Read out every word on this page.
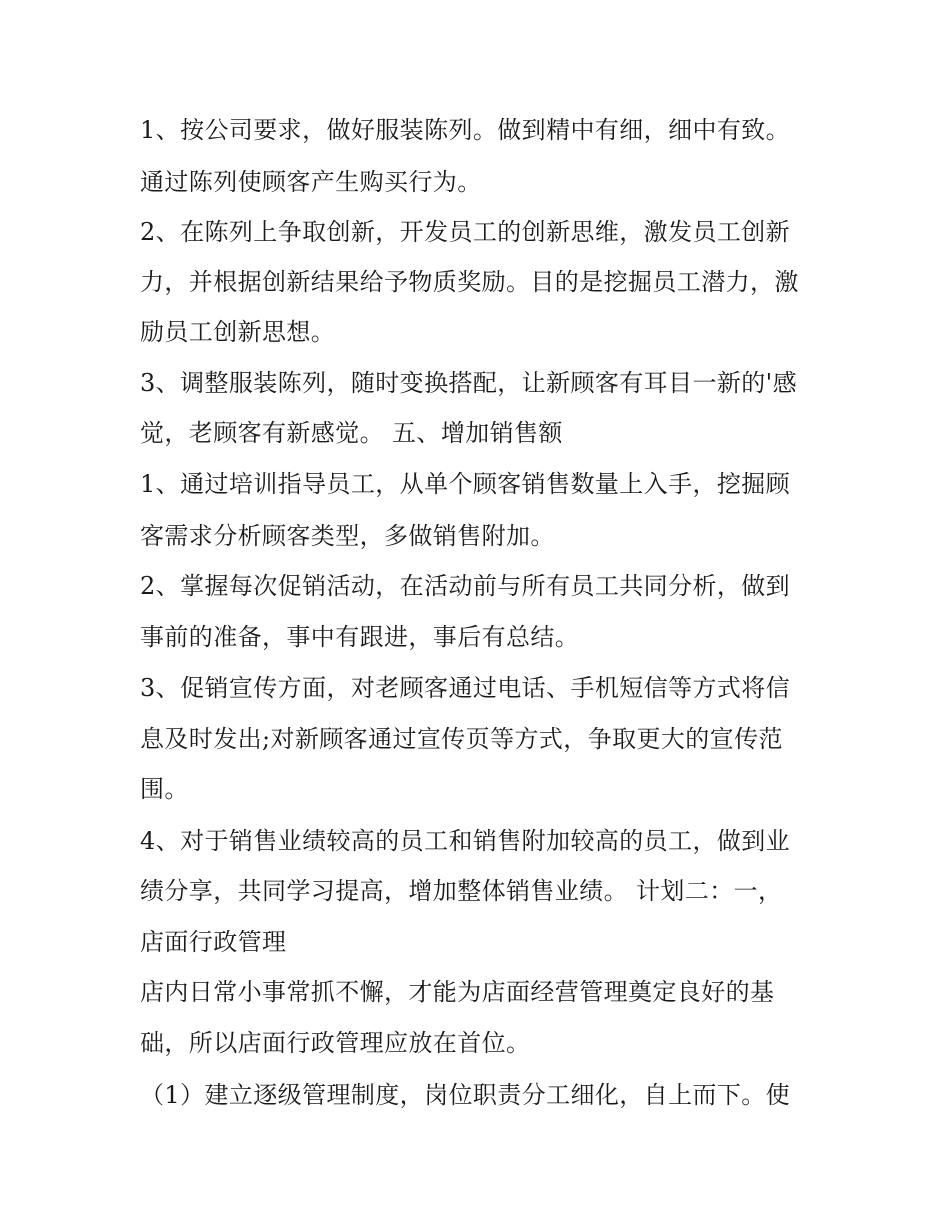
1、按公司要求，做好服装陈列。做到精中有细，细中有致。
通过陈列使顾客产生购买行为。
2、在陈列上争取创新，开发员工的创新思维，激发员工创新
力，并根据创新结果给予物质奖励。目的是挖掘员工潜力，激
励员工创新思想。
3、调整服装陈列，随时变换搭配，让新顾客有耳目一新的'感
觉，老顾客有新感觉。 五、增加销售额
1、通过培训指导员工，从单个顾客销售数量上入手，挖掘顾
客需求分析顾客类型，多做销售附加。
2、掌握每次促销活动，在活动前与所有员工共同分析，做到
事前的准备，事中有跟进，事后有总结。
3、促销宣传方面，对老顾客通过电话、手机短信等方式将信
息及时发出;对新顾客通过宣传页等方式，争取更大的宣传范
围。
4、对于销售业绩较高的员工和销售附加较高的员工，做到业
绩分享，共同学习提高，增加整体销售业绩。 计划二：一，
店面行政管理
店内日常小事常抓不懈，才能为店面经营管理奠定良好的基
础，所以店面行政管理应放在首位。
（1）建立逐级管理制度，岗位职责分工细化，自上而下。使
